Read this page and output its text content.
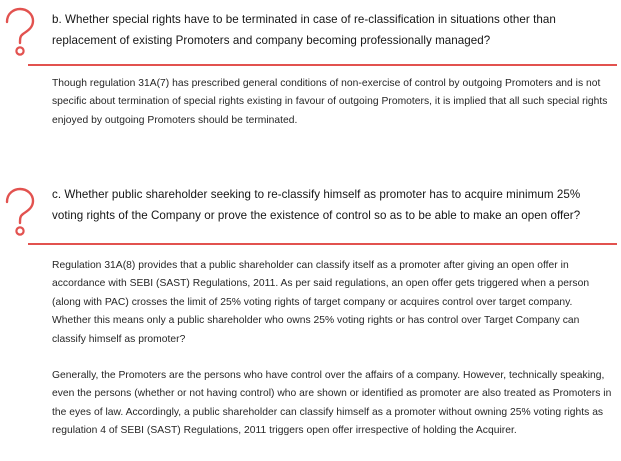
b. Whether special rights have to be terminated in case of re-classification in situations other than replacement of existing Promoters and company becoming professionally managed?

Though regulation 31A(7) has prescribed general conditions of non-exercise of control by outgoing Promoters and is not specific about termination of special rights existing in favour of outgoing Promoters, it is implied that all such special rights enjoyed by outgoing Promoters should be terminated.

c. Whether public shareholder seeking to re-classify himself as promoter has to acquire minimum 25% voting rights of the Company or prove the existence of control so as to be able to make an open offer?

Regulation 31A(8) provides that a public shareholder can classify itself as a promoter after giving an open offer in accordance with SEBI (SAST) Regulations, 2011. As per said regulations, an open offer gets triggered when a person (along with PAC) crosses the limit of 25% voting rights of target company or acquires control over target company. Whether this means only a public shareholder who owns 25% voting rights or has control over Target Company can classify himself as promoter?

Generally, the Promoters are the persons who have control over the affairs of a company. However, technically speaking, even the persons (whether or not having control) who are shown or identified as promoter are also treated as Promoters in the eyes of law. Accordingly, a public shareholder can classify himself as a promoter without owning 25% voting rights as regulation 4 of SEBI (SAST) Regulations, 2011 triggers open offer irrespective of holding the Acquirer.
